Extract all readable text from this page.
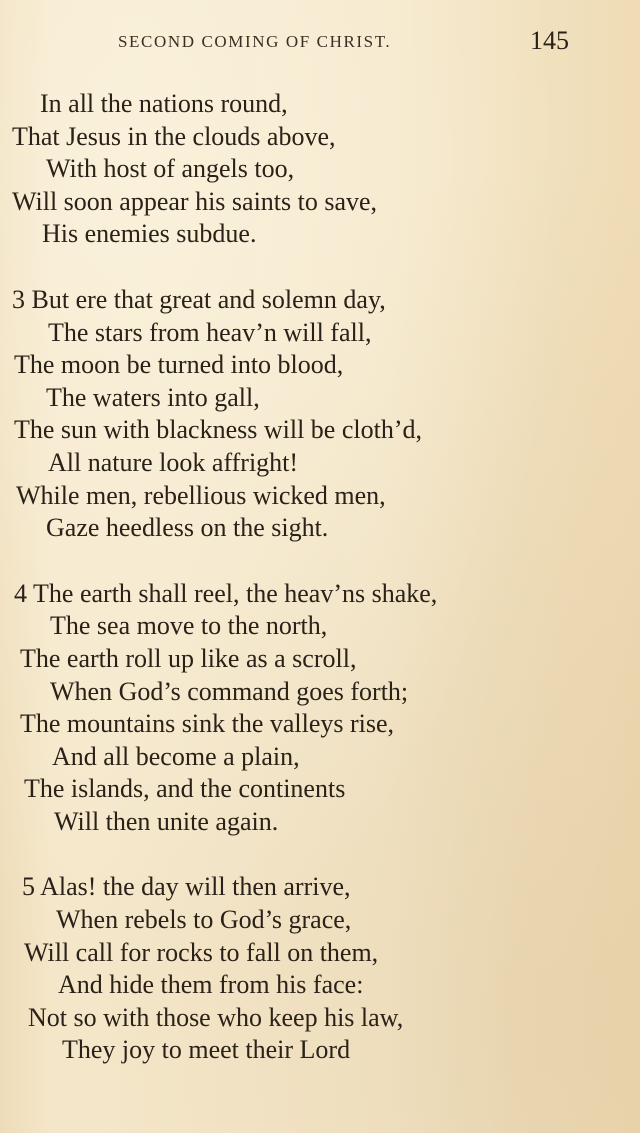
SECOND COMING OF CHRIST.	145
In all the nations round,
That Jesus in the clouds above,
With host of angels too,
Will soon appear his saints to save,
His enemies subdue.
3 But ere that great and solemn day,
The stars from heav’n will fall,
The moon be turned into blood,
The waters into gall,
The sun with blackness will be cloth’d,
All nature look affright!
While men, rebellious wicked men,
Gaze heedless on the sight.
4 The earth shall reel, the heav’ns shake,
The sea move to the north,
The earth roll up like as a scroll,
When God’s command goes forth;
The mountains sink the valleys rise,
And all become a plain,
The islands, and the continents
Will then unite again.
5 Alas! the day will then arrive,
When rebels to God’s grace,
Will call for rocks to fall on them,
And hide them from his face:
Not so with those who keep his law,
They joy to meet their Lord
